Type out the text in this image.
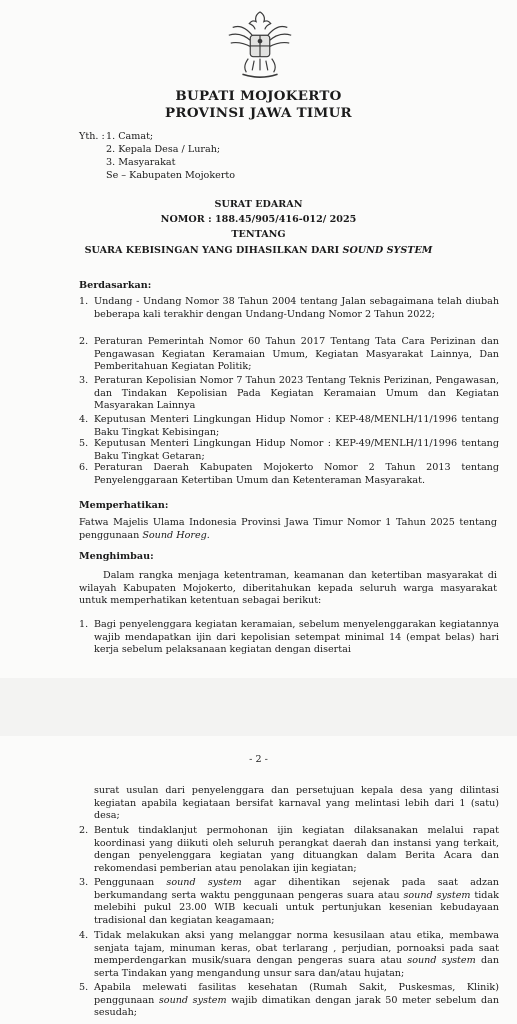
BUPATI MOJOKERTO
PROVINSI JAWA TIMUR
Yth. : 1. Camat;
2. Kepala Desa / Lurah;
3. Masyarakat
Se – Kabupaten Mojokerto
SURAT EDARAN
NOMOR : 188.45/905/416-012/ 2025
TENTANG
SUARA KEBISINGAN YANG DIHASILKAN DARI SOUND SYSTEM
Berdasarkan:
1. Undang - Undang Nomor 38 Tahun 2004 tentang Jalan sebagaimana telah diubah beberapa kali terakhir dengan Undang-Undang Nomor 2 Tahun 2022;
2. Peraturan Pemerintah Nomor 60 Tahun 2017 Tentang Tata Cara Perizinan dan Pengawasan Kegiatan Keramaian Umum, Kegiatan Masyarakat Lainnya, Dan Pemberitahuan Kegiatan Politik;
3. Peraturan Kepolisian Nomor 7 Tahun 2023 Tentang Teknis Perizinan, Pengawasan, dan Tindakan Kepolisian Pada Kegiatan Keramaian Umum dan Kegiatan Masyarakan Lainnya
4. Keputusan Menteri Lingkungan Hidup Nomor : KEP-48/MENLH/11/1996 tentang Baku Tingkat Kebisingan;
5. Keputusan Menteri Lingkungan Hidup Nomor : KEP-49/MENLH/11/1996 tentang Baku Tingkat Getaran;
6. Peraturan Daerah Kabupaten Mojokerto Nomor 2 Tahun 2013 tentang Penyelenggaraan Ketertiban Umum dan Ketenteraman Masyarakat.
Memperhatikan:
Fatwa Majelis Ulama Indonesia Provinsi Jawa Timur Nomor 1 Tahun 2025 tentang penggunaan Sound Horeg.
Menghimbau:
Dalam rangka menjaga ketentraman, keamanan dan ketertiban masyarakat di wilayah Kabupaten Mojokerto, diberitahukan kepada seluruh warga masyarakat untuk memperhatikan ketentuan sebagai berikut:
1. Bagi penyelenggara kegiatan keramaian, sebelum menyelenggarakan kegiatannya wajib mendapatkan ijin dari kepolisian setempat minimal 14 (empat belas) hari kerja sebelum pelaksanaan kegiatan dengan disertai
- 2 -
surat usulan dari penyelenggara dan persetujuan kepala desa yang dilintasi kegiatan apabila kegiataan bersifat karnaval yang melintasi lebih dari 1 (satu) desa;
2. Bentuk tindaklanjut permohonan ijin kegiatan dilaksanakan melalui rapat koordinasi yang diikuti oleh seluruh perangkat daerah dan instansi yang terkait, dengan penyelenggara kegiatan yang dituangkan dalam Berita Acara dan rekomendasi pemberian atau penolakan ijin kegiatan;
3. Penggunaan sound system agar dihentikan sejenak pada saat adzan berkumandang serta waktu penggunaan pengeras suara atau sound system tidak melebihi pukul 23.00 WIB kecuali untuk pertunjukan kesenian kebudayaan tradisional dan kegiatan keagamaan;
4. Tidak melakukan aksi yang melanggar norma kesusilaan atau etika, membawa senjata tajam, minuman keras, obat terlarang , perjudian, pornoaksi pada saat memperdengarkan musik/suara dengan pengeras suara atau sound system dan serta Tindakan yang mengandung unsur sara dan/atau hujatan;
5. Apabila melewati fasilitas kesehatan (Rumah Sakit, Puskesmas, Klinik) penggunaan sound system wajib dimatikan dengan jarak 50 meter sebelum dan sesudah;
